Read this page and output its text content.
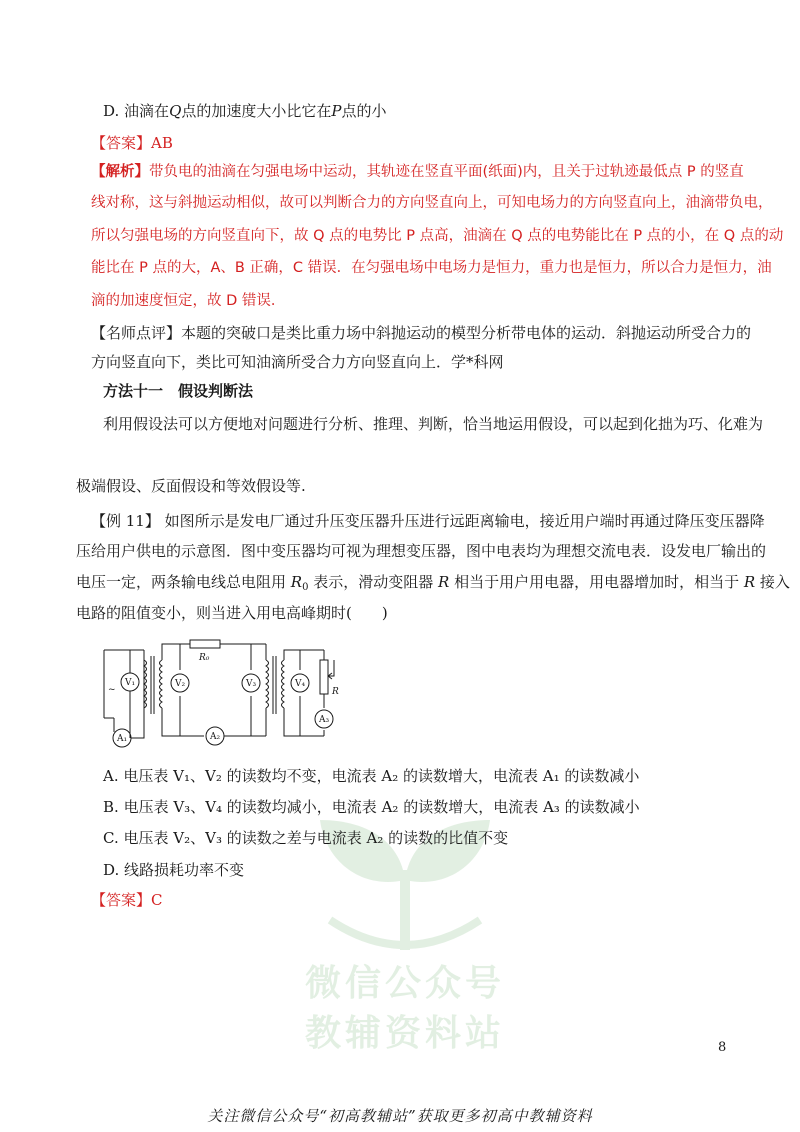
微信公众号
教辅资料站
D. 油滴在Q点的加速度大小比它在P点的小
【答案】AB
【解析】带负电的油滴在匀强电场中运动，其轨迹在竖直平面(纸面)内，且关于过轨迹最低点 P 的竖直
线对称，这与斜抛运动相似，故可以判断合力的方向竖直向上，可知电场力的方向竖直向上，油滴带负电，
所以匀强电场的方向竖直向下，故 Q 点的电势比 P 点高，油滴在 Q 点的电势能比在 P 点的小，在 Q 点的动
能比在 P 点的大，A、B 正确，C 错误．在匀强电场中电场力是恒力，重力也是恒力，所以合力是恒力，油
滴的加速度恒定，故 D 错误．
【名师点评】本题的突破口是类比重力场中斜抛运动的模型分析带电体的运动．斜抛运动所受合力的
方向竖直向下，类比可知油滴所受合力方向竖直向上．学*科网
方法十一　假设判断法
利用假设法可以方便地对问题进行分析、推理、判断，恰当地运用假设，可以起到化拙为巧、化难为
极端假设、反面假设和等效假设等.
【例 11】 如图所示是发电厂通过升压变压器升压进行远距离输电，接近用户端时再通过降压变压器降
压给用户供电的示意图．图中变压器均可视为理想变压器，图中电表均为理想交流电表．设发电厂输出的
电压一定，两条输电线总电阻用 $R_0$ 表示，滑动变阻器 R 相当于用户用电器，用电器增加时，相当于 R 接入
电路的阻值变小，则当进入用电高峰期时(　　)
~
V₁	V₂	V₃	V₄
A₁	A₂
A₃
R₀
R
A. 电压表 V₁、V₂ 的读数均不变，电流表 A₂ 的读数增大，电流表 A₁ 的读数减小
B. 电压表 V₃、V₄ 的读数均减小，电流表 A₂ 的读数增大，电流表 A₃ 的读数减小
C. 电压表 V₂、V₃ 的读数之差与电流表 A₂ 的读数的比值不变
D. 线路损耗功率不变
【答案】C
8
关注微信公众号“初高教辅站”获取更多初高中教辅资料
